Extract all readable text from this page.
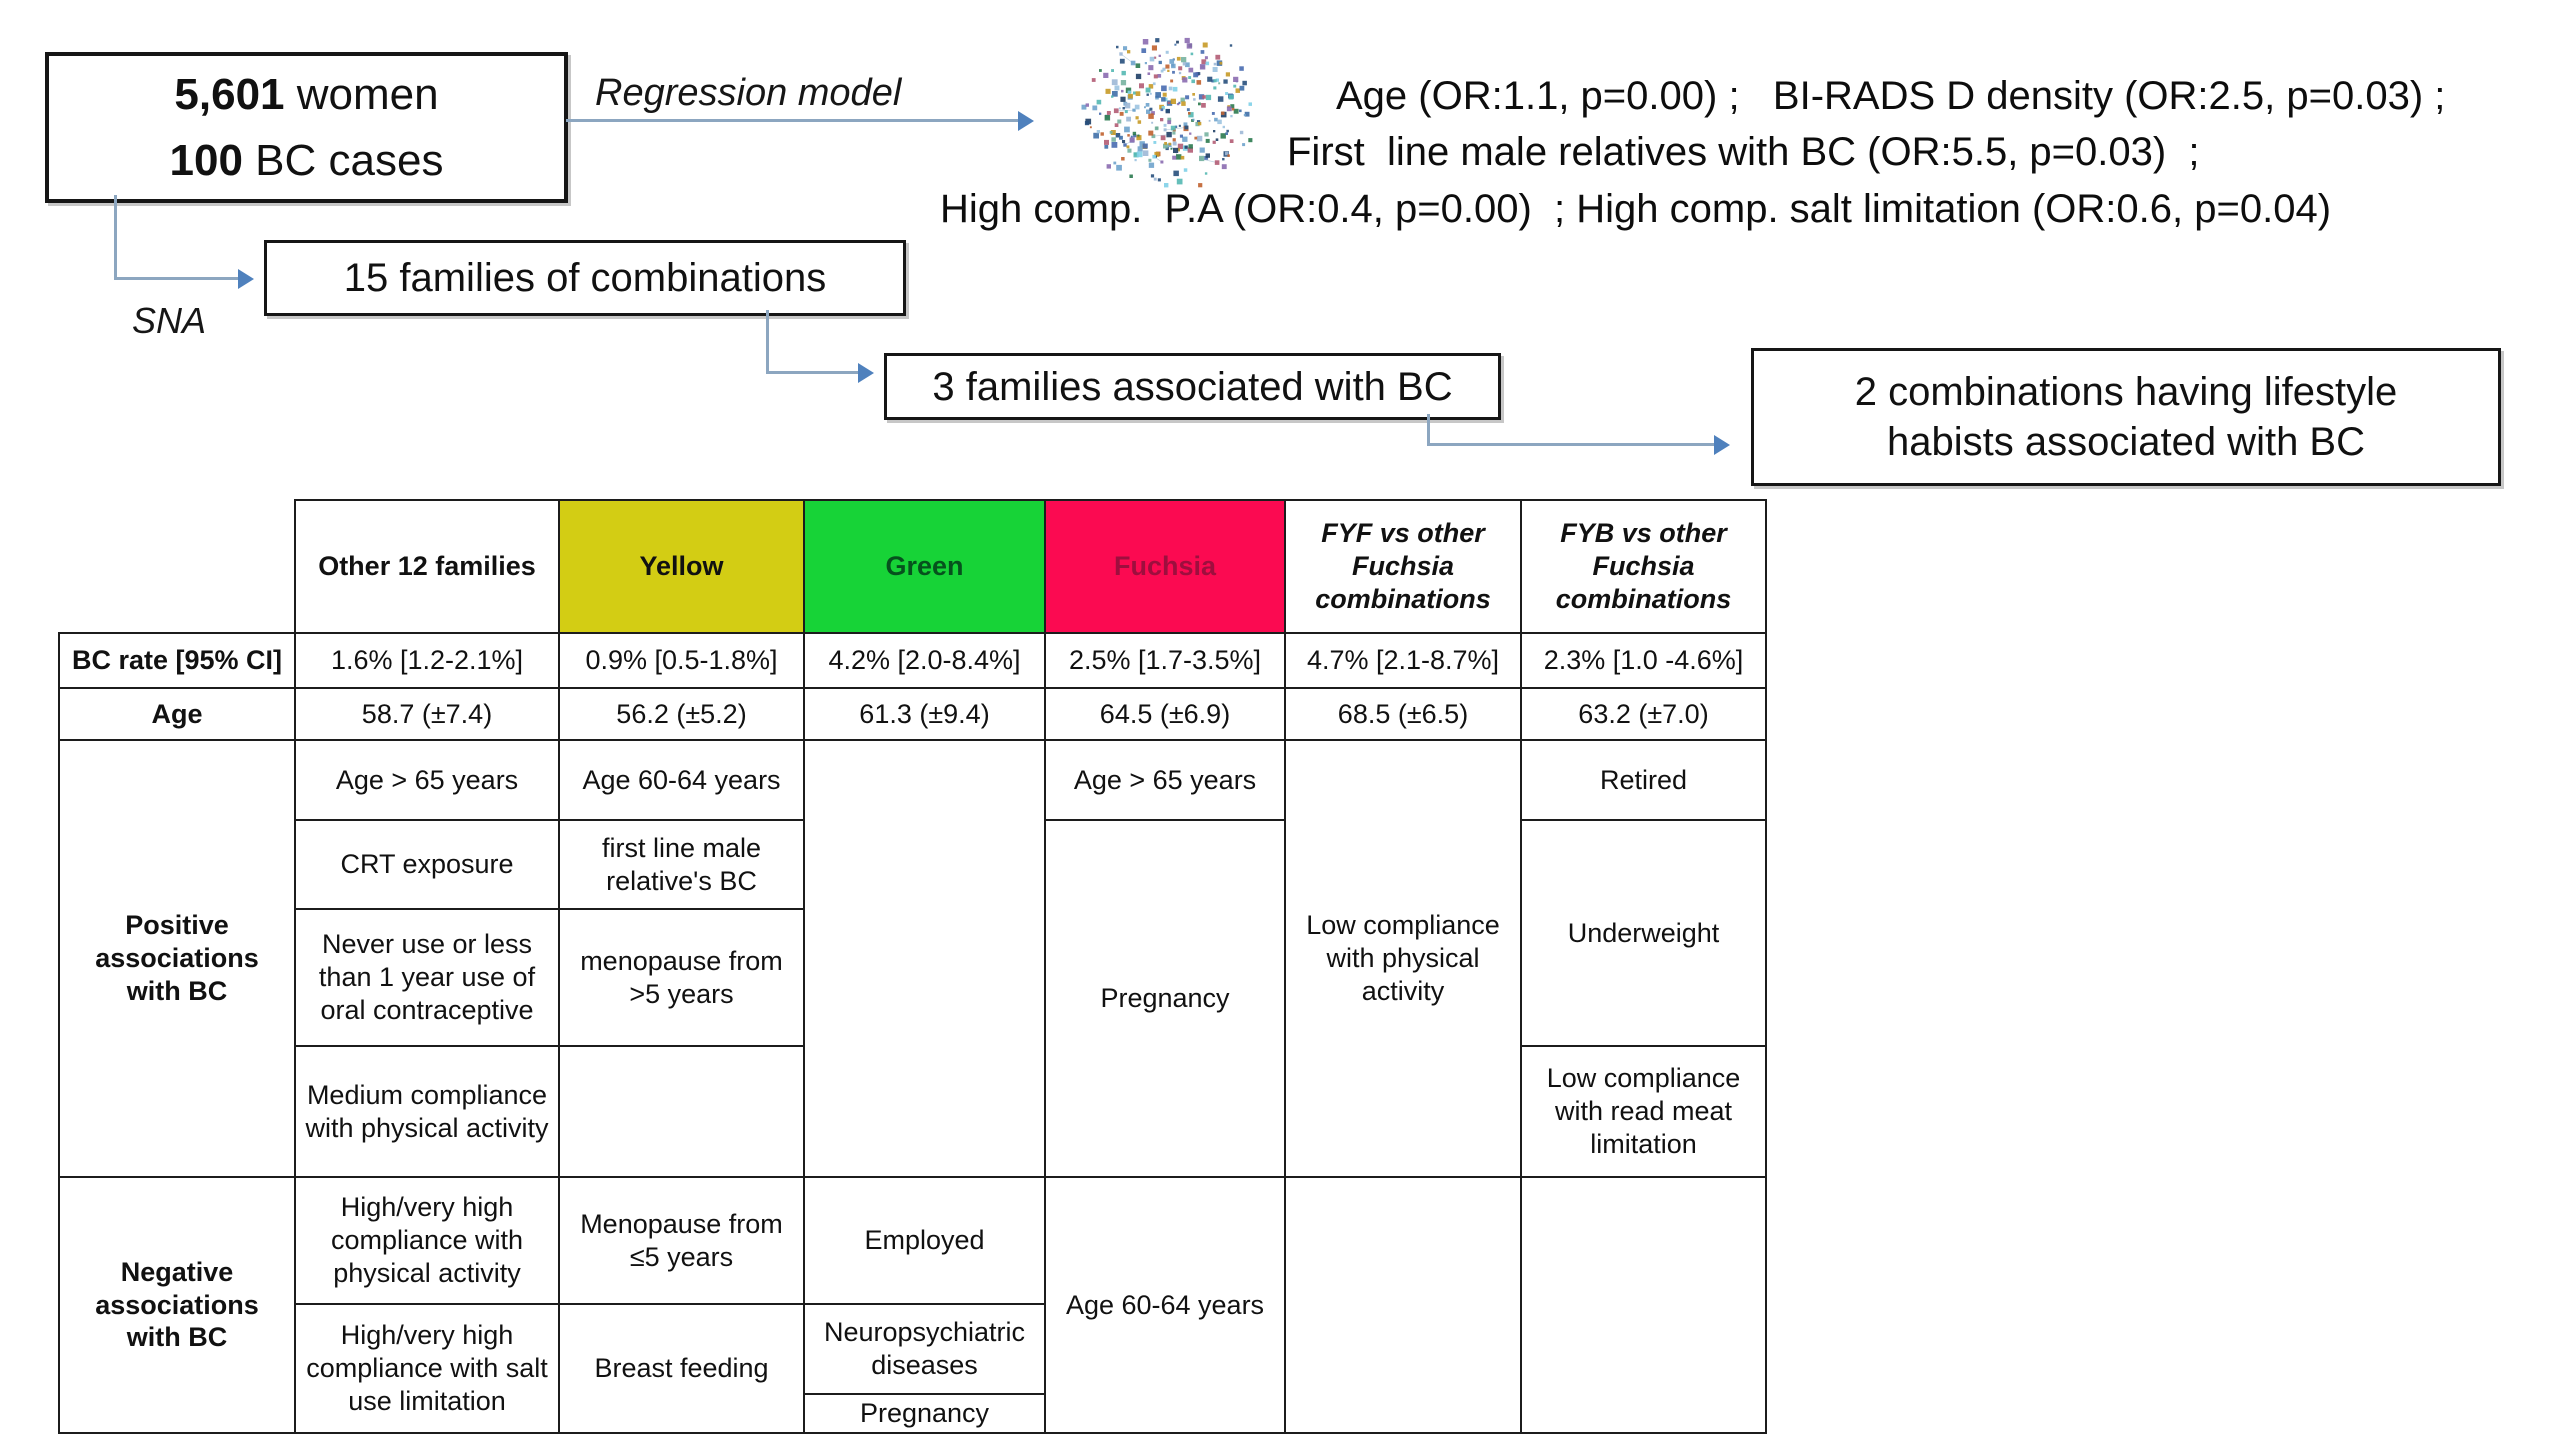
5,601 women
100 BC cases
Regression model	Age (OR:1.1, p=0.00) ;   BI-RADS D density (OR:2.5, p=0.03) ;
First  line male relatives with BC (OR:5.5, p=0.03)  ;
High comp.  P.A (OR:0.4, p=0.00)  ; High comp. salt limitation (OR:0.6, p=0.04)
SNA
15 families of combinations
3 families associated with BC	2 combinations having lifestyle
habists associated with BC
	Other 12 families	Yellow	Green	Fuchsia	FYF vs other Fuchsia combinations	FYB vs other Fuchsia combinations
BC rate [95% CI]	1.6% [1.2-2.1%]	0.9% [0.5-1.8%]	4.2% [2.0-8.4%]	2.5% [1.7-3.5%]	4.7% [2.1-8.7%]	2.3% [1.0 -4.6%]
Age	58.7 (±7.4)	56.2 (±5.2)	61.3 (±9.4)	64.5 (±6.9)	68.5 (±6.5)	63.2 (±7.0)
Positive associations with BC	Age > 65 years	Age 60-64 years		Age > 65 years	Low compliance with physical activity	Retired
	CRT exposure	first line male relative's BC		Pregnancy		Underweight
	Never use or less than 1 year use of oral contraceptive	menopause from >5 years				
	Medium compliance with physical activity					Low compliance with read meat limitation
Negative associations with BC	High/very high compliance with physical activity	Menopause from ≤5 years	Employed	Age 60-64 years		
	High/very high compliance with salt use limitation	Breast feeding	Neuropsychiatric diseases			
			Pregnancy			
